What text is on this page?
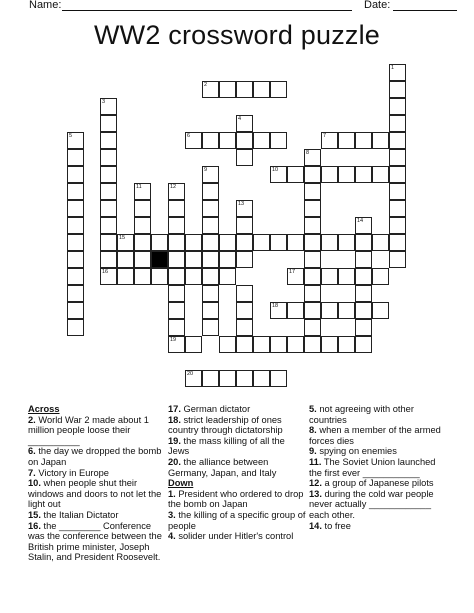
Name:	Date:
WW2 crossword puzzle
1
2
3
4
5	6	7
8
9	10
11	12
13
14
15
16	17
18
19
20
Across

2. World War 2 made about 1 million people loose their __________

6. the day we dropped the bomb on Japan

7. Victory in Europe

10. when people shut their windows and doors to not let the light out

15. the Italian Dictator

16. the ________ Conference was the conference between the British prime minister, Joseph Stalin, and President Roosevelt.

17. German dictator

18. strict leadership of ones country through dictatorship

19. the mass killing of all the Jews

20. the alliance between Germany, Japan, and Italy

Down

1. President who ordered to drop the bomb on Japan

3. the killing of a specific group of people

4. solider under Hitler's control

5. not agreeing with other countries

8. when a member of the armed forces dies

9. spying on enemies

11. The Soviet Union launched the first ever ___________

12. a group of Japanese pilots

13. during the cold war people never actually ____________ each other.

14. to free
